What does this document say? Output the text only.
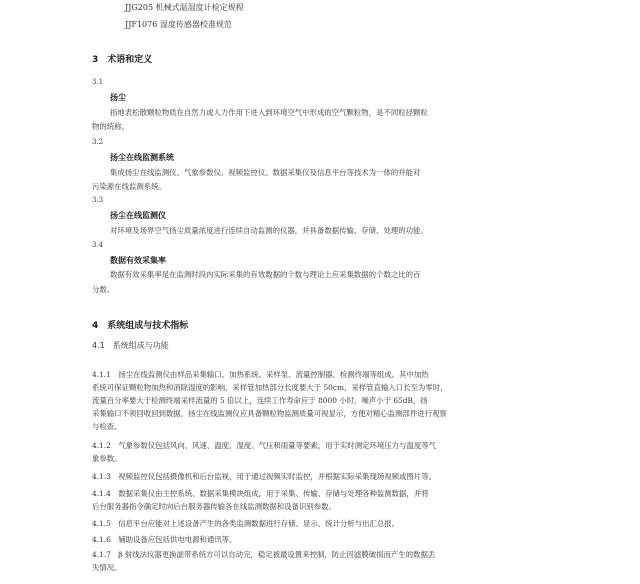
JJG205 机械式温湿度计检定规程
JJF1076 湿度传感器校准规范
3　术语和定义
3.1
扬尘
指地表松散颗粒物质在自然力或人力作用下进入到环境空气中形成的空气颗粒物，是不同粒径颗粒
物的统称。
3.2
扬尘在线监测系统
集成扬尘在线监测仪、气象参数仪、视频监控仪、数据采集仪及信息平台等技术为一体的并能对
污染源在线监测系统。
3.3
扬尘在线监测仪
对环境及场界空气扬尘质量浓度进行连续自动监测的仪器，并具备数据传输、存储、处理的功能。
3.4
数据有效采集率
数据有效采集率是在监测时段内实际采集的有效数据的个数与理论上应采集数据的个数之比的百
分数。
4　系统组成与技术指标
4.1　系统组成与功能
4.1.1　扬尘在线监测仪由样品采集输口、加热系统、采样泵、流量控制器、检测终端等组成。其中加热
系统可保证颗粒物加热和消除湿度的影响，采样管加热部分长度要大于 50cm，采样管直输入口长至为零时，
流量百分率要大于检测终端采样流量的 5 倍以上，连续工作寿命应于 8000 小时，噪声小于 65dB，扬
采集输口不须回收回到数据，扬尘在线监测仪应具备颗粒物监测质量可视显示，方便对精心监测部件进行观察
与检查。
4.1.2　气象参数仪包括风向、风速、温度、湿度、气压和雨量等要素，用于实时测定环境压力与温度等气
象参数。
4.1.3　视频监控仪包括摄像机和后台监视，用于通过视频实时监控，并根据实际采集现场视频或图片等。
4.1.4　数据采集仪由主控系统、数据采集模块组成，用于采集、传输、存储与处理各种监测数据，并将
后台服务器指令确定时向后台服务器传输各在线监测数据和设备识别参数。
4.1.5　信息平台应能对上述设备产生的各类监测数据进行存储、显示、统计分析与出汇总报。
4.1.6　辅助设备应包括供电电源和通讯等。
4.1.7　β 射线法仪器更换滤带系统方可以自动完，稳定被最设置来控制，防止因滤膜破损而产生的数据丢
失情况。
